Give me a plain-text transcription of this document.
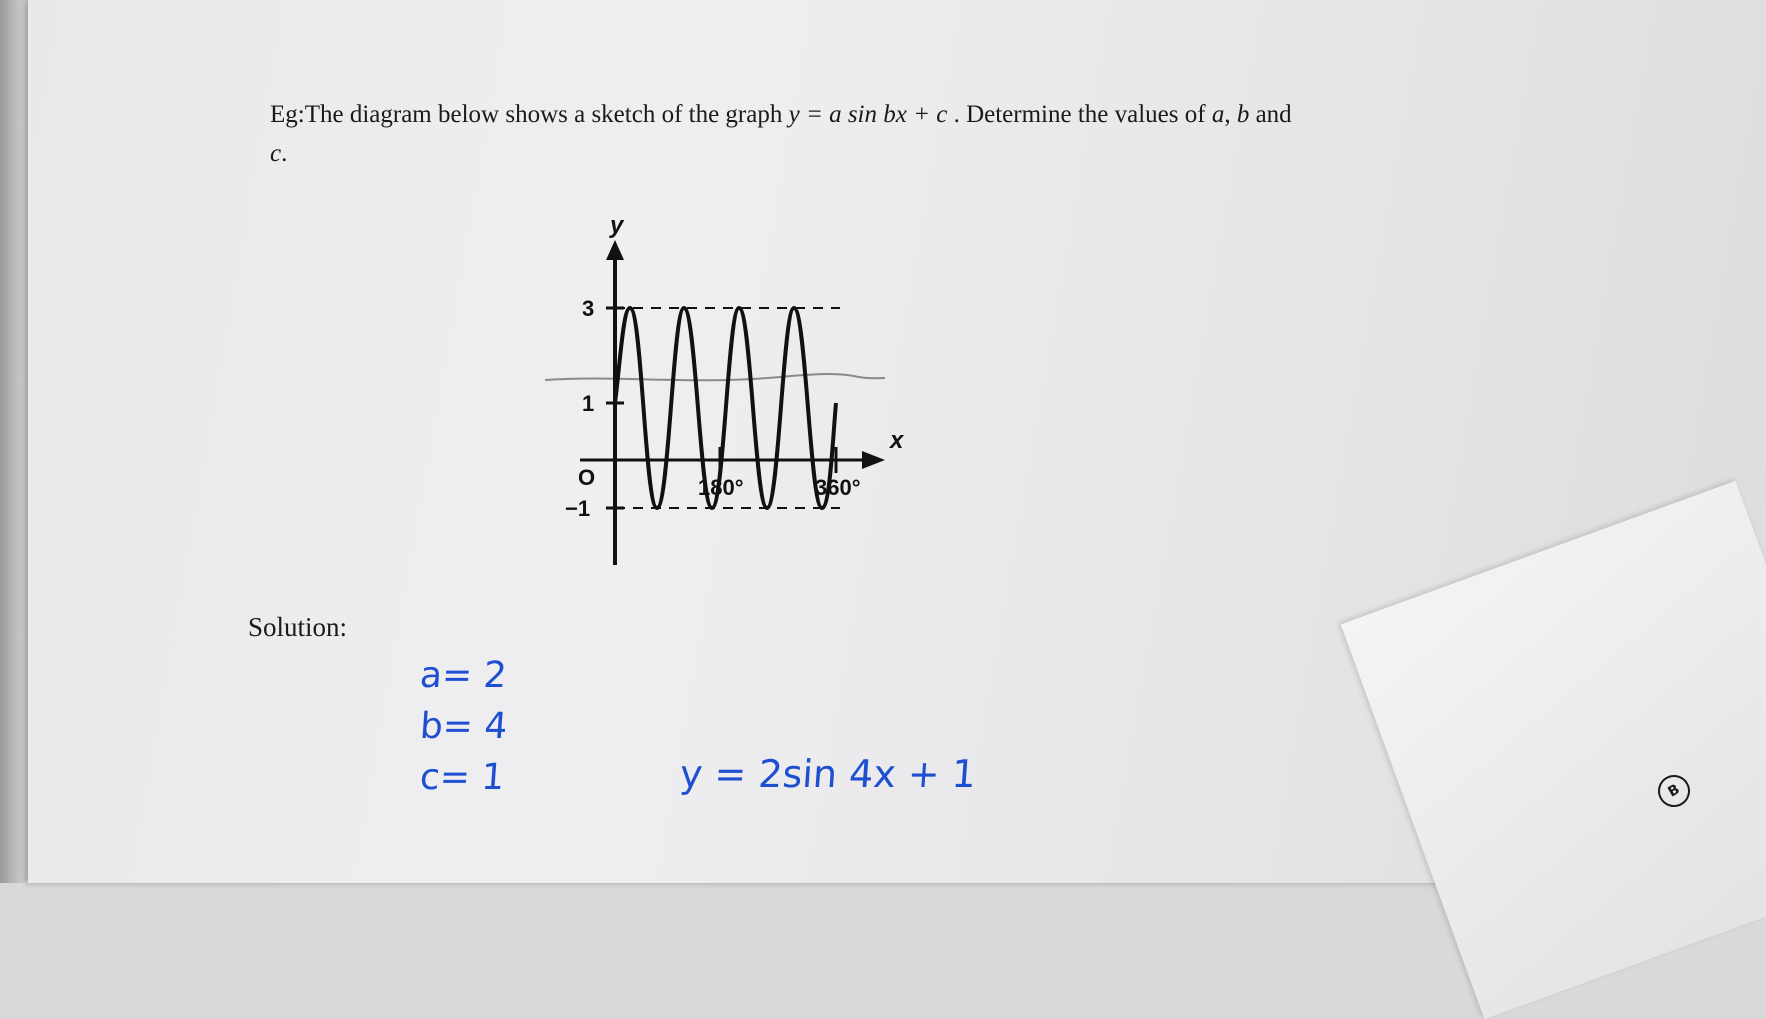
Eg:The diagram below shows a sketch of the graph y = a sin bx + c . Determine the values of a, b and
c.
y
x
O
3
1
−1
180°	360°
Solution:
a= 2
b= 4
c= 1	y = 2sin 4x + 1	B
